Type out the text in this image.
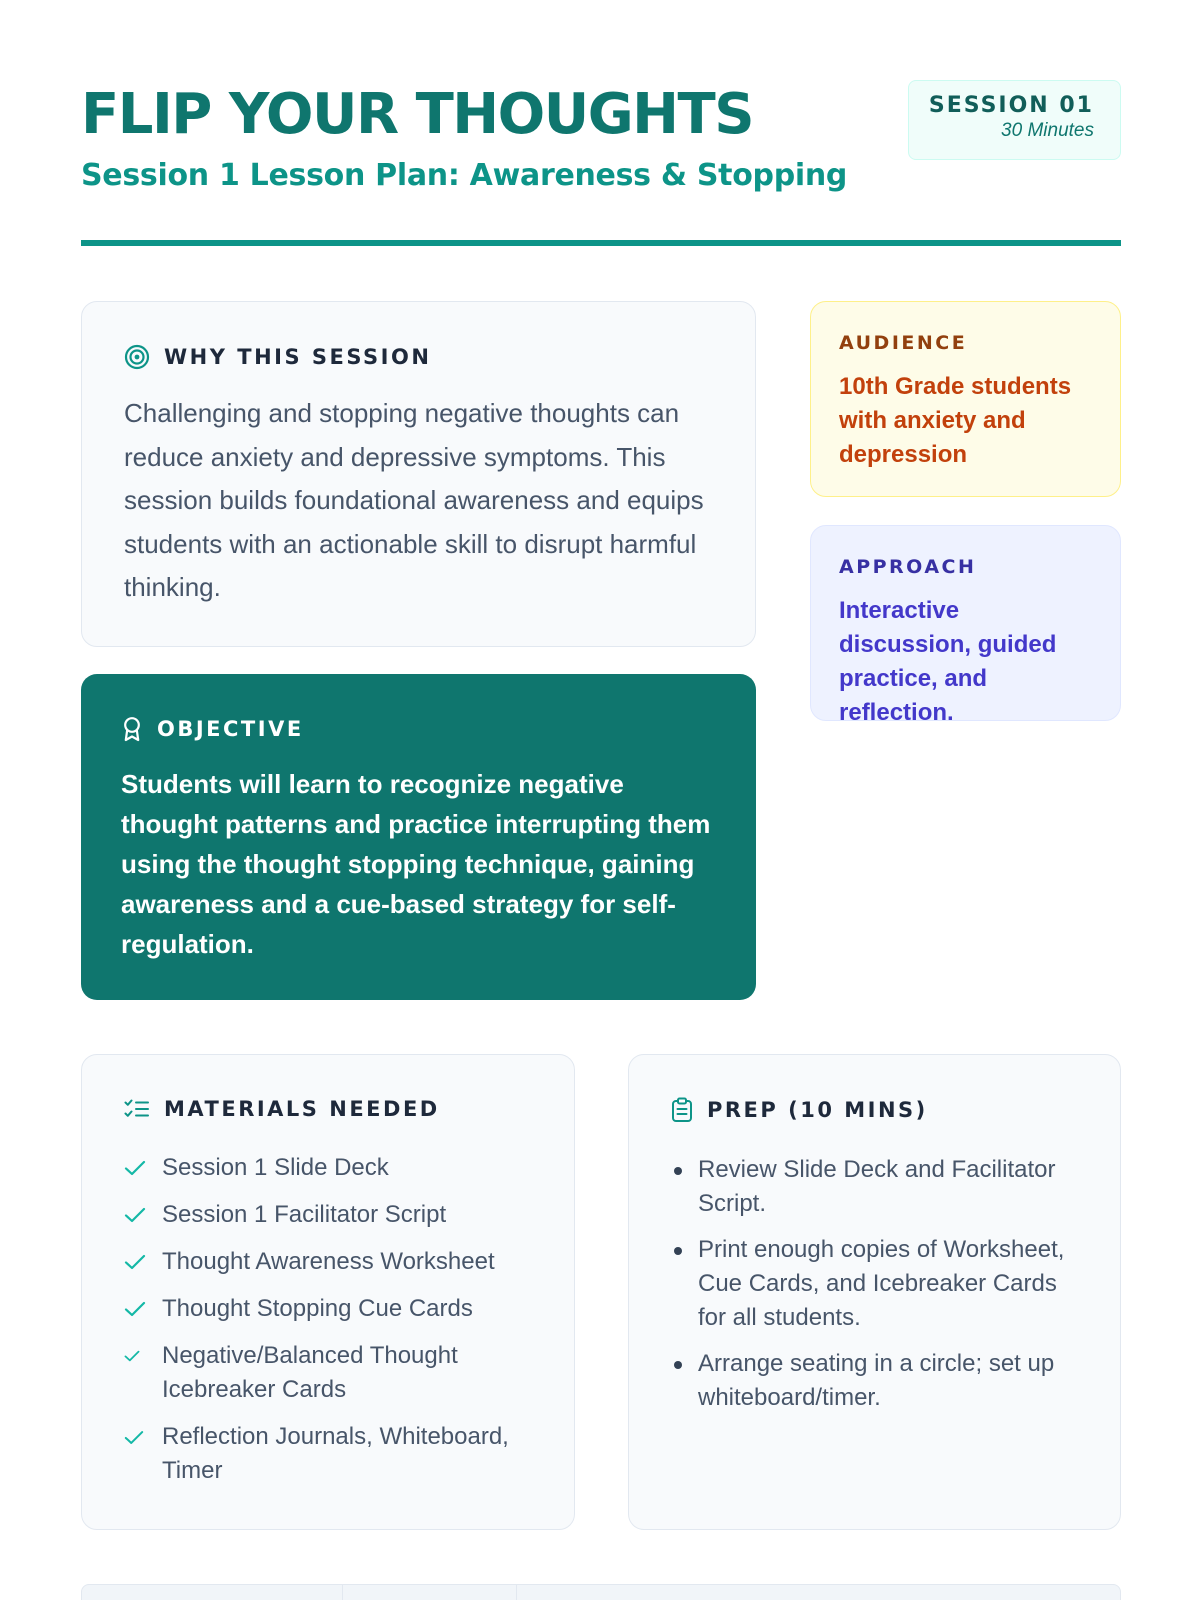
FLIP YOUR THOUGHTS
Session 1 Lesson Plan: Awareness & Stopping
SESSION 01
30 Minutes
WHY THIS SESSION

Challenging and stopping negative thoughts can reduce anxiety and depressive symptoms. This session builds foundational awareness and equips students with an actionable skill to disrupt harmful thinking.

OBJECTIVE

Students will learn to recognize negative thought patterns and practice interrupting them using the thought stopping technique, gaining awareness and a cue-based strategy for self-regulation.

AUDIENCE
10th Grade students with anxiety and depression
APPROACH
Interactive discussion, guided practice, and reflection.
MATERIALS NEEDED
Session 1 Slide Deck
Session 1 Facilitator Script
Thought Awareness Worksheet
Thought Stopping Cue Cards
Negative/Balanced Thought Icebreaker Cards
Reflection Journals, Whiteboard, Timer
PREP (10 MINS)
Review Slide Deck and Facilitator Script.
Print enough copies of Worksheet, Cue Cards, and Icebreaker Cards for all students.
Arrange seating in a circle; set up whiteboard/timer.
